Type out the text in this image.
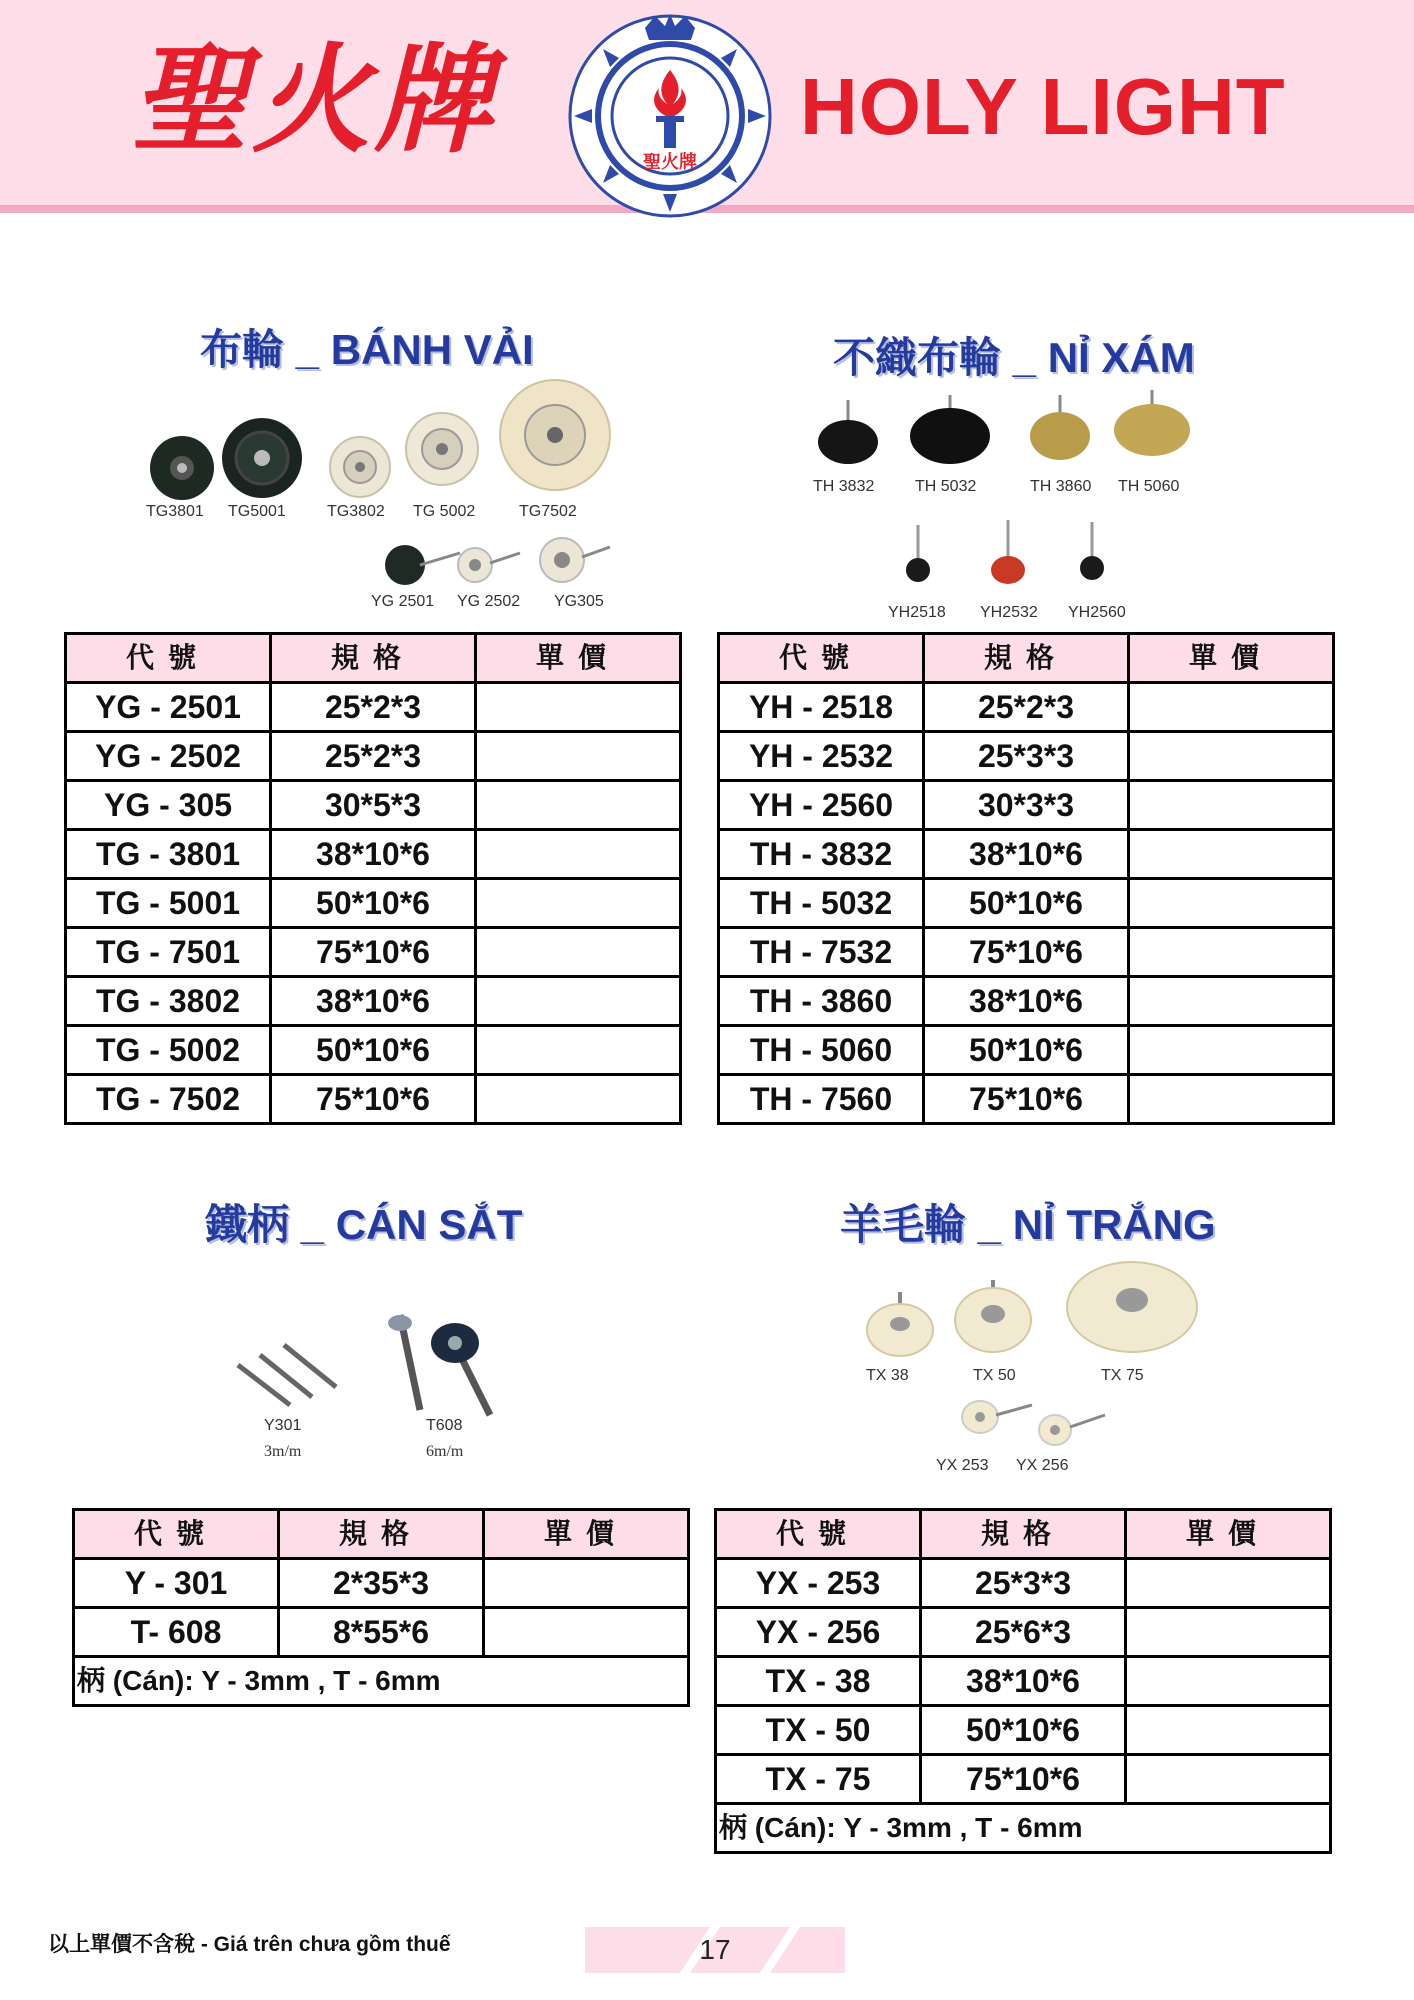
聖火牌	HOLY LIGHT
聖火牌
布輪 _ BÁNH VẢI	不織布輪 _ NỈ XÁM
鐵柄 _ CÁN SẮT	羊毛輪 _ NỈ TRẮNG
TG3801 TG5001	TG3802 TG 5002	TG7502
YG 2501 YG 2502 YG305
TH 3832	TH 5032	TH 3860 TH 5060
YH2518 YH2532 YH2560
代號	規格	單價
YG - 2501	25*2*3	
YG - 2502	25*2*3	
YG - 305	30*5*3	
TG - 3801	38*10*6	
TG - 5001	50*10*6	
TG - 7501	75*10*6	
TG - 3802	38*10*6	
TG - 5002	50*10*6	
TG - 7502	75*10*6	
代號	規格	單價
YH - 2518	25*2*3	
YH - 2532	25*3*3	
YH - 2560	30*3*3	
TH - 3832	38*10*6	
TH - 5032	50*10*6	
TH - 7532	75*10*6	
TH - 3860	38*10*6	
TH - 5060	50*10*6	
TH - 7560	75*10*6	
Y301	T608
3m/m	6m/m
TX 38	TX 50	TX 75
YX 253 YX 256
代號	規格	單價
Y - 301	2*35*3	
T- 608	8*55*6	
柄 (Cán): Y - 3mm , T - 6mm		
代號	規格	單價
YX - 253	25*3*3	
YX - 256	25*6*3	
TX - 38	38*10*6	
TX - 50	50*10*6	
TX - 75	75*10*6	
柄 (Cán): Y - 3mm , T - 6mm		
以上單價不含稅 - Giá trên chưa gồm thuế	17
